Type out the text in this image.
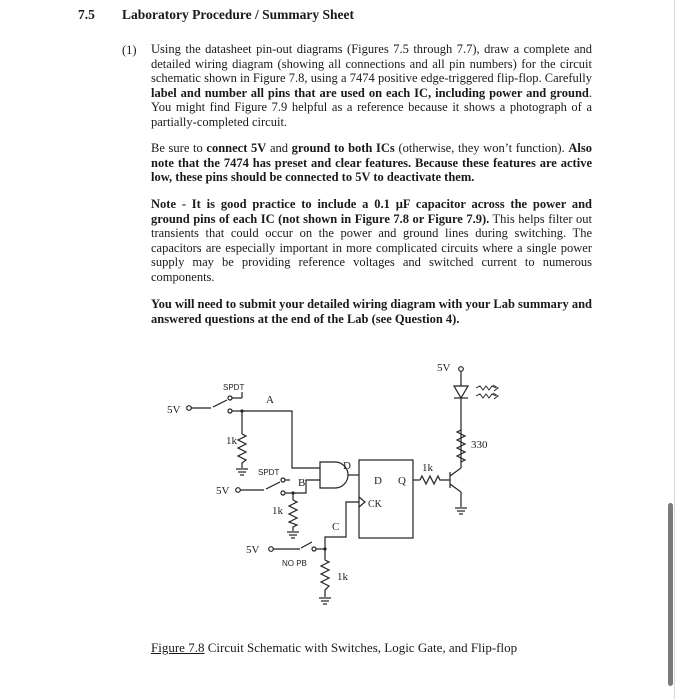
7.5 Laboratory Procedure / Summary Sheet
(1) Using the datasheet pin-out diagrams (Figures 7.5 through 7.7), draw a complete and detailed wiring diagram (showing all connections and all pin numbers) for the circuit schematic shown in Figure 7.8, using a 7474 positive edge-triggered flip-flop. Carefully label and number all pins that are used on each IC, including power and ground. You might find Figure 7.9 helpful as a reference because it shows a photograph of a partially-completed circuit.

Be sure to connect 5V and ground to both ICs (otherwise, they won’t function). Also note that the 7474 has preset and clear features. Because these features are active low, these pins should be connected to 5V to deactivate them.

Note - It is good practice to include a 0.1 µF capacitor across the power and ground pins of each IC (not shown in Figure 7.8 or Figure 7.9). This helps filter out transients that could occur on the power and ground lines during switching. The capacitors are especially important in more complicated circuits where a single power supply may be providing reference voltages and switched current to numerous components.

You will need to submit your detailed wiring diagram with your Lab summary and answered questions at the end of the Lab (see Question 4).

5V
SPDT
A
1k
5V
SPDT
B
1k
5V
NO PB
C
1k
D
D Q
CK
1k
5V
330
Figure 7.8 Circuit Schematic with Switches, Logic Gate, and Flip-flop
